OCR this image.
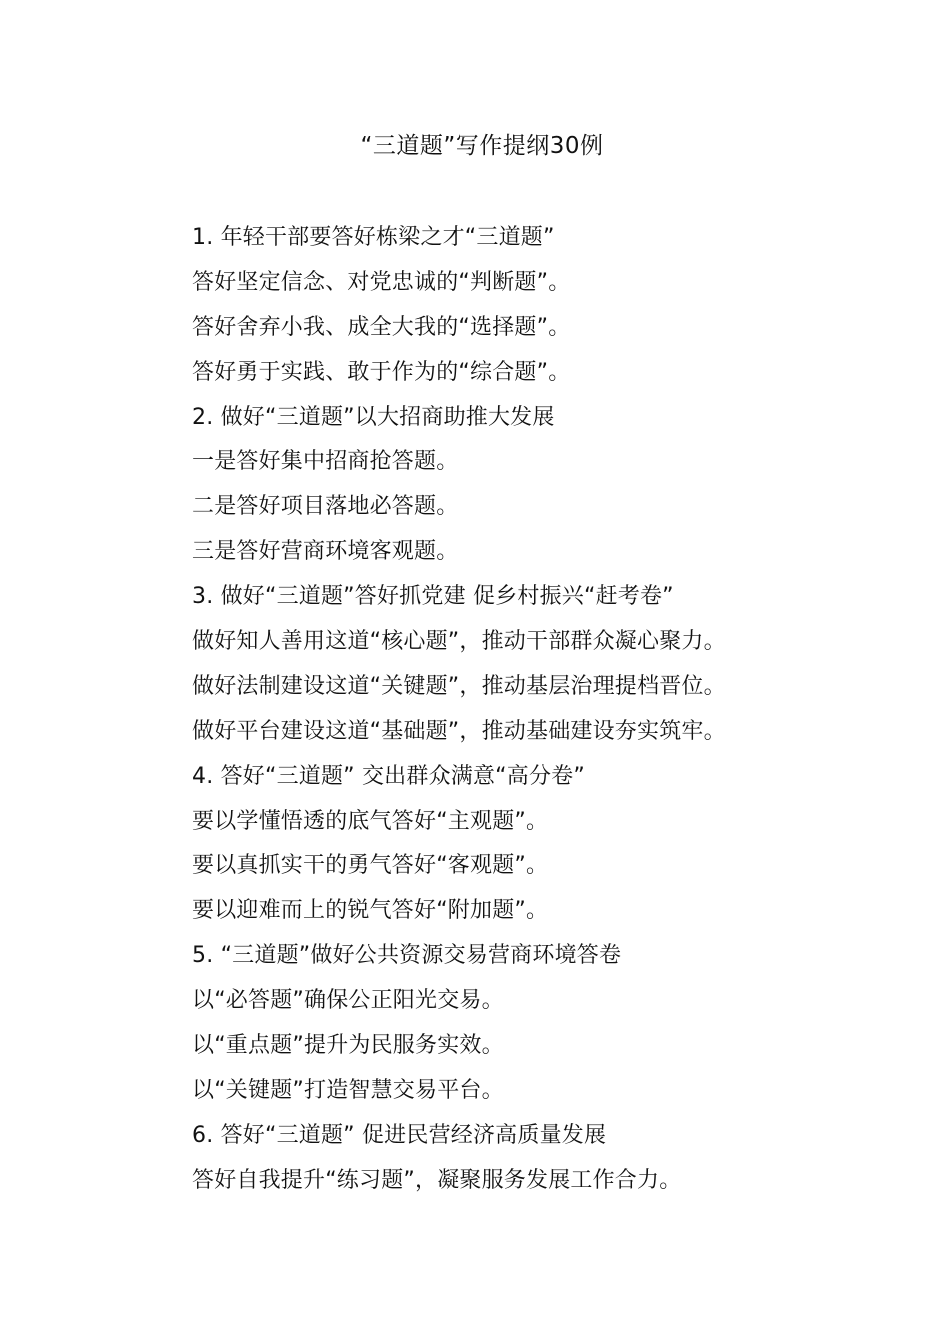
“三道题”写作提纲30例
1. 年轻干部要答好栋梁之才“三道题”
答好坚定信念、对党忠诚的“判断题”。
答好舍弃小我、成全大我的“选择题”。
答好勇于实践、敢于作为的“综合题”。
2. 做好“三道题”以大招商助推大发展
一是答好集中招商抢答题。
二是答好项目落地必答题。
三是答好营商环境客观题。
3. 做好“三道题”答好抓党建 促乡村振兴“赶考卷”
做好知人善用这道“核心题”，推动干部群众凝心聚力。
做好法制建设这道“关键题”，推动基层治理提档晋位。
做好平台建设这道“基础题”，推动基础建设夯实筑牢。
4. 答好“三道题” 交出群众满意“高分卷”
要以学懂悟透的底气答好“主观题”。
要以真抓实干的勇气答好“客观题”。
要以迎难而上的锐气答好“附加题”。
5. “三道题”做好公共资源交易营商环境答卷
以“必答题”确保公正阳光交易。
以“重点题”提升为民服务实效。
以“关键题”打造智慧交易平台。
6. 答好“三道题” 促进民营经济高质量发展
答好自我提升“练习题”，凝聚服务发展工作合力。
